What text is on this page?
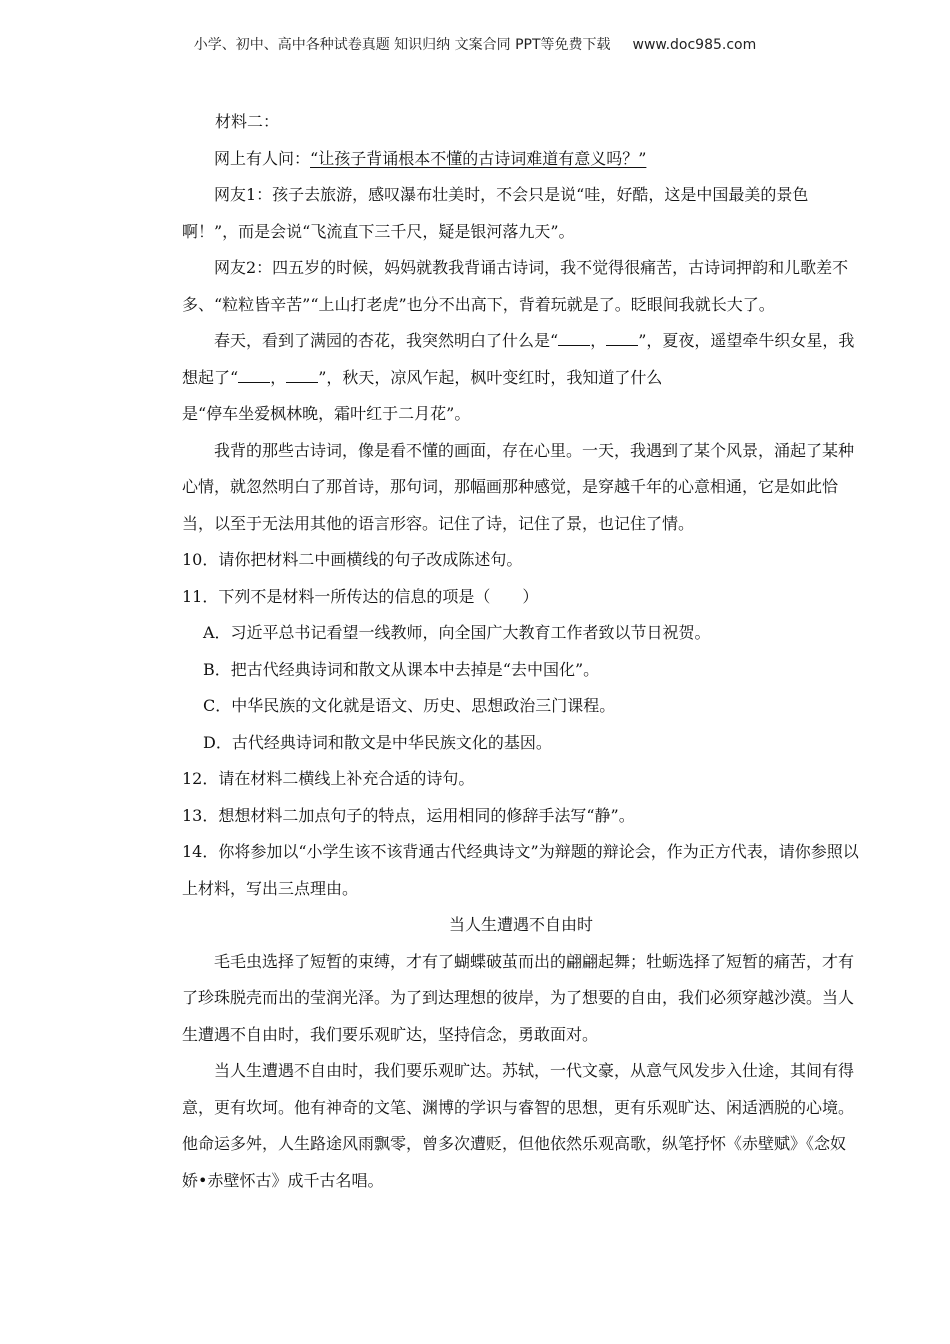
小学、初中、高中各种试卷真题 知识归纳 文案合同 PPT等免费下载 www.doc985.com

材料二：

网上有人问：“让孩子背诵根本不懂的古诗词难道有意义吗？”

网友1：孩子去旅游，感叹瀑布壮美时，不会只是说“哇，好酷，这是中国最美的景色啊！”，而是会说“飞流直下三千尺，疑是银河落九天”。

网友2：四五岁的时候，妈妈就教我背诵古诗词，我不觉得很痛苦，古诗词押韵和儿歌差不多、“粒粒皆辛苦”“上山打老虎”也分不出高下，背着玩就是了。眨眼间我就长大了。

春天，看到了满园的杏花，我突然明白了什么是“ ， ”，夏夜，遥望牵牛织女星，我想起了“ ， ”，秋天，凉风乍起，枫叶变红时，我知道了什么

是“停车坐爱枫林晚，霜叶红于二月花”。

我背的那些古诗词，像是看不懂的画面，存在心里。一天，我遇到了某个风景，涌起了某种心情，就忽然明白了那首诗，那句词，那幅画那种感觉，是穿越千年的心意相通，它是如此恰当，以至于无法用其他的语言形容。记住了诗，记住了景，也记住了情。

10．请你把材料二中画横线的句子改成陈述句。

11．下列不是材料一所传达的信息的项是（　　）

A．习近平总书记看望一线教师，向全国广大教育工作者致以节日祝贺。

B．把古代经典诗词和散文从课本中去掉是“去中国化”。

C．中华民族的文化就是语文、历史、思想政治三门课程。

D．古代经典诗词和散文是中华民族文化的基因。

12．请在材料二横线上补充合适的诗句。

13．想想材料二加点句子的特点，运用相同的修辞手法写“静”。

14．你将参加以“小学生该不该背通古代经典诗文”为辩题的辩论会，作为正方代表，请你参照以上材料，写出三点理由。

当人生遭遇不自由时

毛毛虫选择了短暂的束缚，才有了蝴蝶破茧而出的翩翩起舞；牡蛎选择了短暂的痛苦，才有了珍珠脱壳而出的莹润光泽。为了到达理想的彼岸，为了想要的自由，我们必须穿越沙漠。当人生遭遇不自由时，我们要乐观旷达，坚持信念，勇敢面对。

当人生遭遇不自由时，我们要乐观旷达。苏轼，一代文豪，从意气风发步入仕途，其间有得意，更有坎坷。他有神奇的文笔、渊博的学识与睿智的思想，更有乐观旷达、闲适洒脱的心境。他命运多舛，人生路途风雨飘零，曾多次遭贬，但他依然乐观高歌，纵笔抒怀《赤壁赋》《念奴娇•赤壁怀古》成千古名唱。
